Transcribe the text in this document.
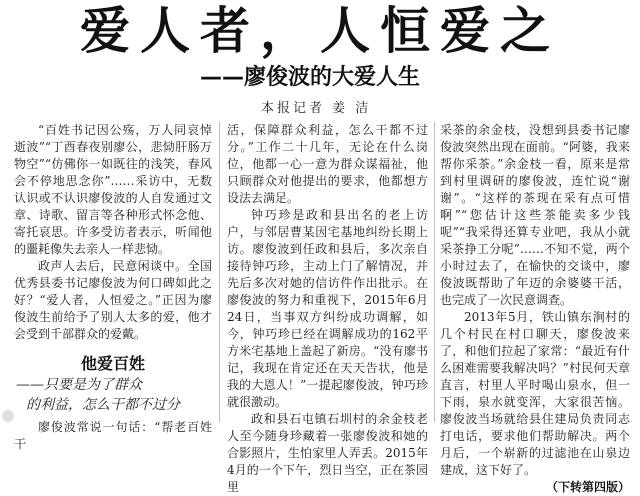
爱人者，人恒爱之
——廖俊波的大爱人生
本报记者 姜 洁

“百姓书记因公殇，万人同哀悼逝波”“丁酉春夜别廖公，悲恸肝肠万物空”“仿佛你一如既往的浅笑，春风会不停地思念你”……采访中，无数认识或不认识廖俊波的人自发通过文章、诗歌、留言等各种形式怀念他、寄托哀思。许多受访者表示，听闻他的噩耗像失去亲人一样悲恸。

政声人去后，民意闲谈中。全国优秀县委书记廖俊波为何口碑如此之好？“爱人者，人恒爱之。”正因为廖俊波生前给予了别人太多的爱，他才会受到千部群众的爱戴。

他爱百姓
——只要是为了群众
的利益，怎么干都不过分

廖俊波常说一句话：“帮老百姓干

活，保障群众利益，怎么干都不过分。”工作二十几年，无论在什么岗位，他都一心一意为群众谋福祉，他只顾群众对他提出的要求，他都想方设法去满足。

钟巧珍是政和县出名的老上访户，与邻居曹某因宅基地纠纷长期上访。廖俊波到任政和县后，多次亲自接待钟巧珍，主动上门了解情况，并先后多次对她的信访件作出批示。在廖俊波的努力和重视下，2015年6月24日，当事双方纠纷成功调解，如今，钟巧珍已经在调解成功的162平方米宅基地上盖起了新房。“没有廖书记，我现在肯定还在天天告状，他是我的大恩人！”一提起廖俊波，钟巧珍就很激动。

政和县石屯镇石圳村的余金枝老人至今随身珍藏着一张廖俊波和她的合影照片，生怕家里人弄丢。2015年4月的一个下午，烈日当空，正在茶园里

采茶的余金枝，没想到县委书记廖俊波突然出现在面前。“阿婆，我来帮你采茶。”余金枝一看，原来是常到村里调研的廖俊波，连忙说“谢谢”。“这样的茶现在采有点可惜啊”“您估计这些茶能卖多少钱呢”“我采得还算专业吧，我从小就采茶挣工分呢”……不知不觉，两个小时过去了，在愉快的交谈中，廖俊波既帮助了年迈的余婆婆干活，也完成了一次民意调查。

2013年5月，铁山镇东涧村的几个村民在村口聊天，廖俊波来了，和他们拉起了家常：“最近有什么困难需要我解决吗？”村民何天章直言，村里人平时喝山泉水，但一下雨，泉水就变浑，大家很苦恼。廖俊波当场就给县住建局负责同志打电话，要求他们帮助解决。两个月后，一个崭新的过滤池在山泉边建成，这下好了。

（下转第四版）
